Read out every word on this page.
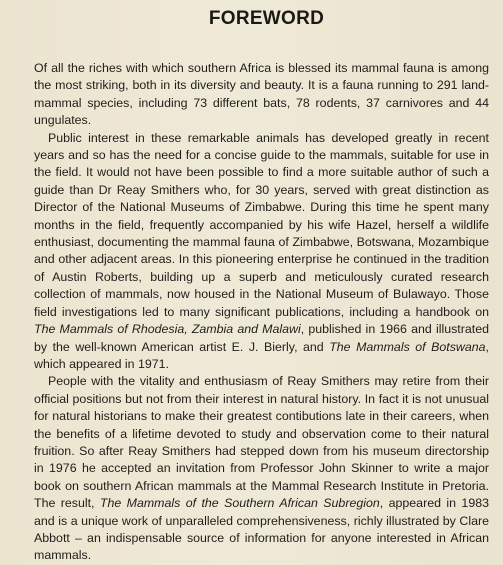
FOREWORD

Of all the riches with which southern Africa is blessed its mammal fauna is among the most striking, both in its diversity and beauty. It is a fauna running to 291 land-mammal species, including 73 different bats, 78 rodents, 37 carnivores and 44 ungulates.

Public interest in these remarkable animals has developed greatly in recent years and so has the need for a concise guide to the mammals, suitable for use in the field. It would not have been possible to find a more suitable author of such a guide than Dr Reay Smithers who, for 30 years, served with great distinction as Director of the National Museums of Zimbabwe. During this time he spent many months in the field, frequently accompanied by his wife Hazel, herself a wildlife enthusiast, documenting the mammal fauna of Zimbabwe, Botswana, Mozambique and other adjacent areas. In this pioneering enterprise he continued in the tradition of Austin Roberts, building up a superb and meticulously curated research collection of mammals, now housed in the National Museum of Bulawayo. Those field investigations led to many significant publications, including a handbook on The Mammals of Rhodesia, Zambia and Malawi, published in 1966 and illustrated by the well-known American artist E. J. Bierly, and The Mammals of Botswana, which appeared in 1971.

People with the vitality and enthusiasm of Reay Smithers may retire from their official positions but not from their interest in natural history. In fact it is not unusual for natural historians to make their greatest contibutions late in their careers, when the benefits of a lifetime devoted to study and observation come to their natural fruition. So after Reay Smithers had stepped down from his museum directorship in 1976 he accepted an invitation from Professor John Skinner to write a major book on southern African mammals at the Mammal Research Institute in Pretoria. The result, The Mammals of the Southern African Subregion, appeared in 1983 and is a unique work of unparalleled comprehensiveness, richly illustrated by Clare Abbott – an indispensable source of information for anyone interested in African mammals.
